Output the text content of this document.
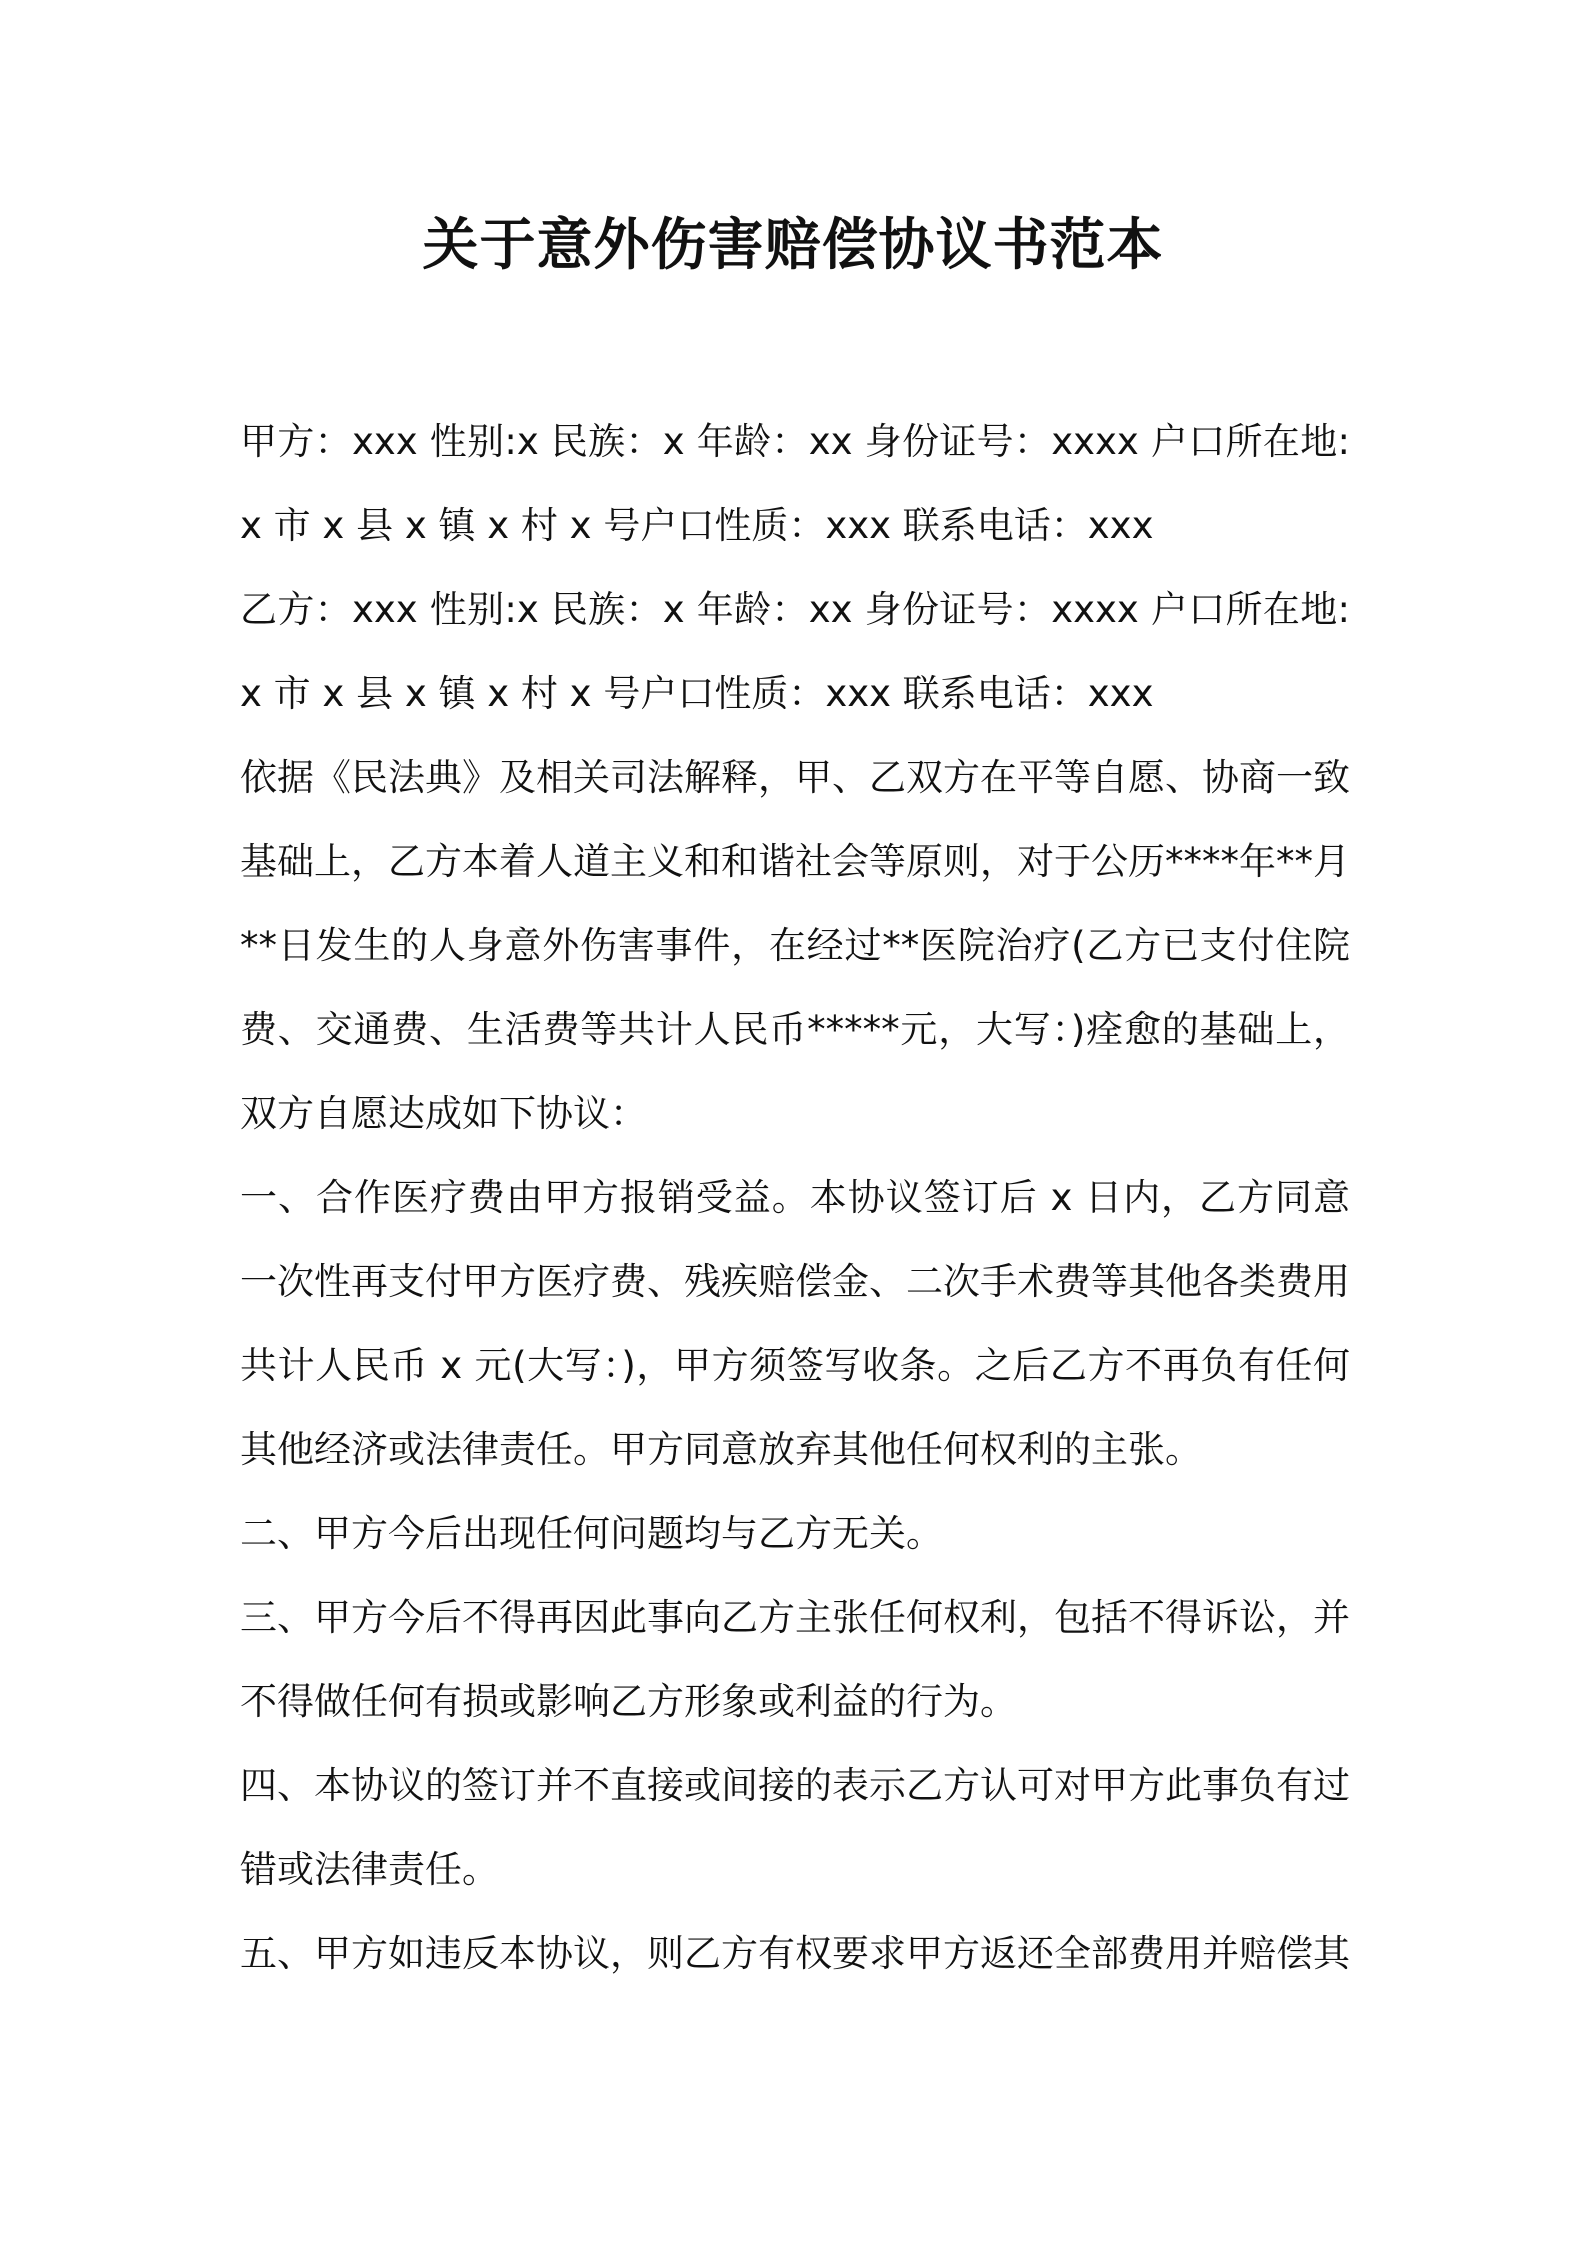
关于意外伤害赔偿协议书范本

甲方：xxx 性别:x 民族：x 年龄：xx 身份证号：xxxx 户口所在地:x 市 x 县 x 镇 x 村 x 号户口性质：xxx 联系电话：xxx

乙方：xxx 性别:x 民族：x 年龄：xx 身份证号：xxxx 户口所在地:x 市 x 县 x 镇 x 村 x 号户口性质：xxx 联系电话：xxx

依据《民法典》及相关司法解释，甲、乙双方在平等自愿、协商一致基础上，乙方本着人道主义和和谐社会等原则，对于公历****年**月**日发生的人身意外伤害事件，在经过**医院治疗(乙方已支付住院费、交通费、生活费等共计人民币*****元，大写：)痊愈的基础上，双方自愿达成如下协议：

一、合作医疗费由甲方报销受益。本协议签订后 x 日内，乙方同意一次性再支付甲方医疗费、残疾赔偿金、二次手术费等其他各类费用共计人民币 x 元(大写：)，甲方须签写收条。之后乙方不再负有任何其他经济或法律责任。甲方同意放弃其他任何权利的主张。

二、甲方今后出现任何问题均与乙方无关。

三、甲方今后不得再因此事向乙方主张任何权利，包括不得诉讼，并不得做任何有损或影响乙方形象或利益的行为。

四、本协议的签订并不直接或间接的表示乙方认可对甲方此事负有过错或法律责任。

五、甲方如违反本协议，则乙方有权要求甲方返还全部费用并赔偿其
